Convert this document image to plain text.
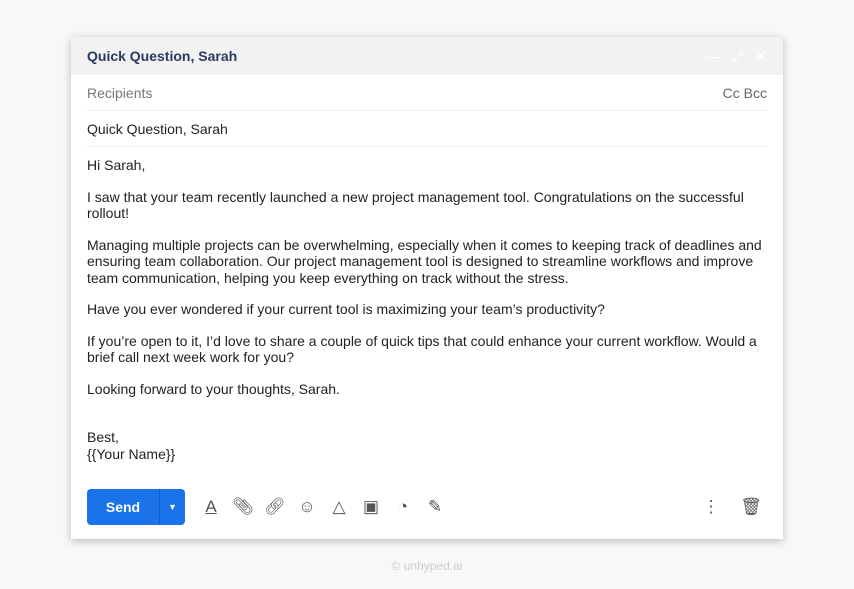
Quick Question, Sarah	— ⤢ ✕
Recipients	Cc Bcc
Quick Question, Sarah

Hi Sarah,

I saw that your team recently launched a new project management tool. Congratulations on the successful rollout!

Managing multiple projects can be overwhelming, especially when it comes to keeping track of deadlines and ensuring team collaboration. Our project management tool is designed to streamline workflows and improve team communication, helping you keep everything on track without the stress.

Have you ever wondered if your current tool is maximizing your team’s productivity?

If you’re open to it, I’d love to share a couple of quick tips that could enhance your current workflow. Would a brief call next week work for you?

Looking forward to your thoughts, Sarah.

Best,
{{Your Name}}
Send	▼	A 📎︎ 🔗︎ ☺ △	▣	◔	✎	⋮	🗑︎
© unhyped.ai
